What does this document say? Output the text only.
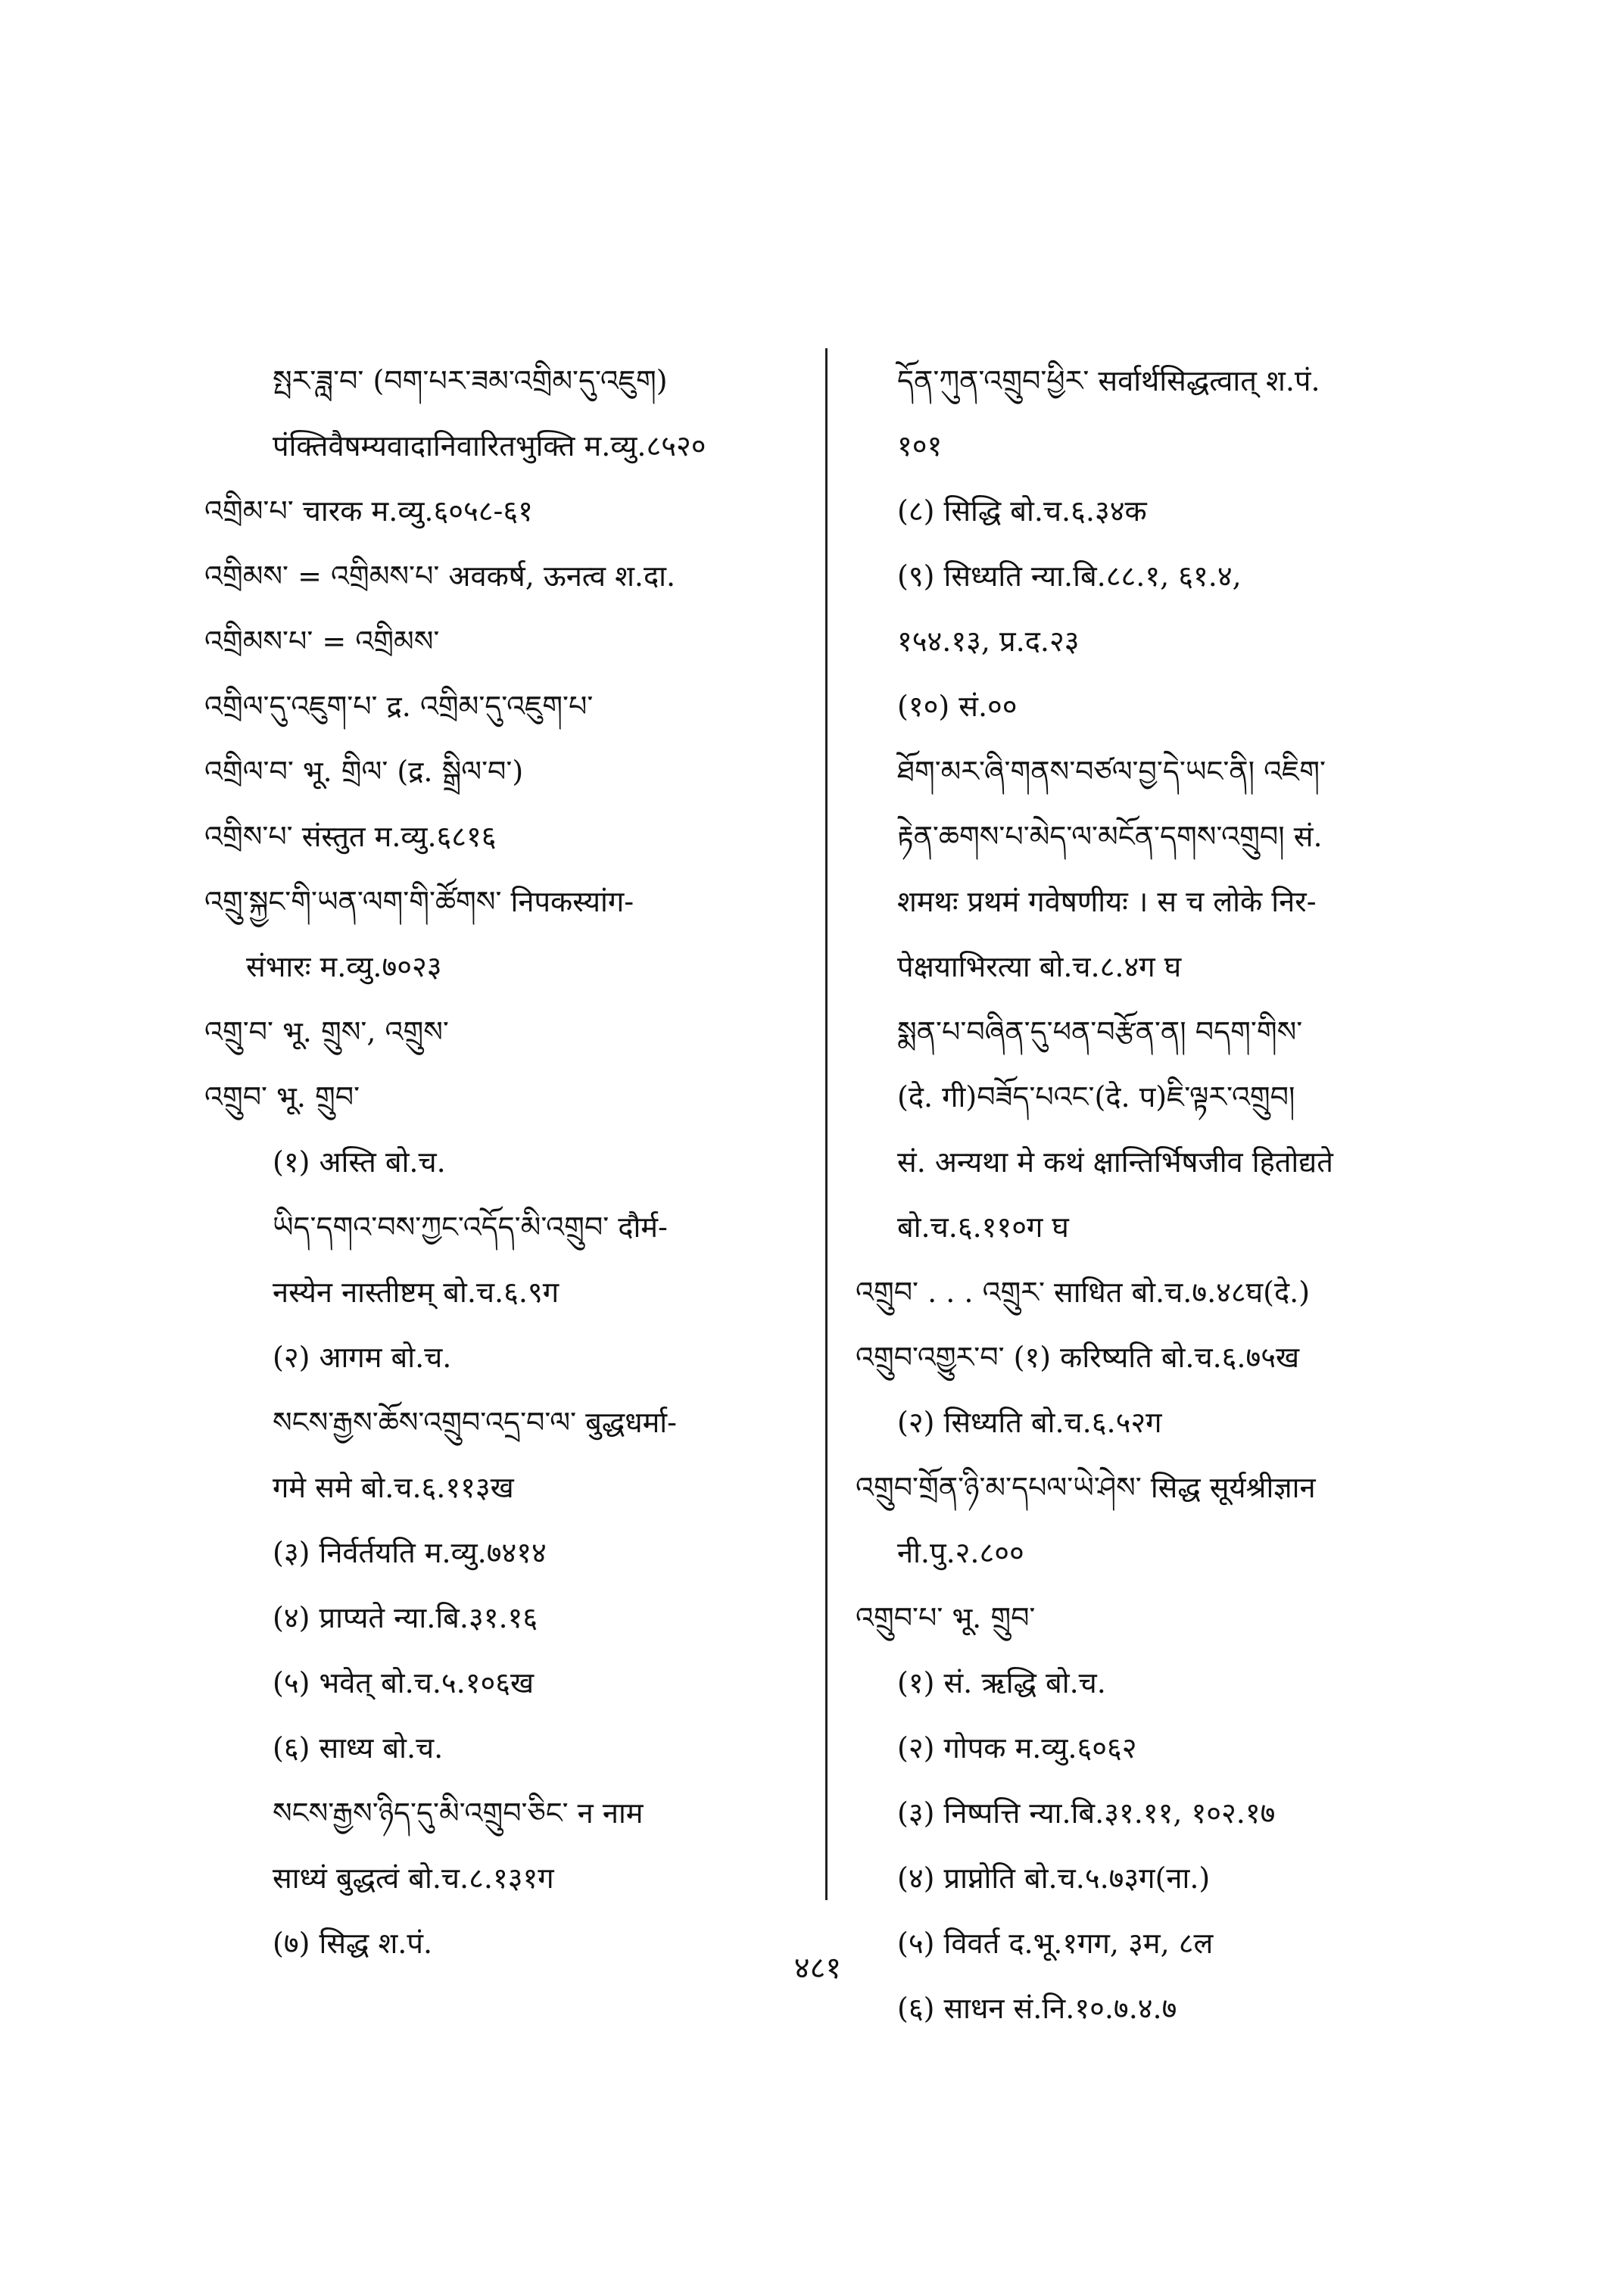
སྤར་ཟླ་བ་ (བག་པར་ཟམ་འགྲིམ་དུ་འཇུག)
पंक्तिवैषम्यवादानिवारितभुक्ति म.व्यु.८५२०
འགྲིམ་པ་ चारक म.व्यु.६०५८-६१
འགྲིམས་ = འགྲིམས་པ་ अवकर्ष, ऊनत्व श.दा.
འགྲིམས་པ་ = འགྲིམས་
འགྲིལ་དུ་འཇུག་པ་ द्र. འགྲིམ་དུ་འཇུག་པ་
འགྲིལ་བ་ भू. གྲིལ་ (द्र. སྒྲིལ་བ་)
འགྲིས་པ་ संस्तुत म.व्यु.६८१६
འགྲུ་སྐྱང་གི་ཡན་ལག་གི་ཚོགས་ निपकस्यांग-
संभारः म.व्यु.७०२३
འགྲུ་བ་ भू. གྲུས་, འགྲུས་
འགྲུབ་ भू. གྲུབ་
(१) अस्ति बो.च.
ཡིད་དགའ་བས་ཀྱང་འདོད་མི་འགྲུབ་ दौर्म-
नस्येन नास्तीष्टम् बो.च.६.९ग
(२) आगम बो.च.
སངས་རྒྱས་ཆོས་འགྲུབ་འདྲ་བ་ལ་ बुद्धधर्मा-
गमे समे बो.च.६.११३ख
(३) निर्वर्तयति म.व्यु.७४१४
(४) प्राप्यते न्या.बि.३१.१६
(५) भवेत् बो.च.५.१०६ख
(६) साध्य बो.च.
སངས་རྒྱས་ཉིད་དུ་མི་འགྲུབ་ཅིང་ न नाम
साध्यं बुद्धत्वं बो.च.८.१३१ग
(७) सिद्ध श.पं.
དོན་ཀུན་འགྲུབ་ཕྱིར་ सर्वार्थसिद्धत्वात् श.पं.
१०१
(८) सिद्धि बो.च.६.३४क
(९) सिध्यति न्या.बि.८८.१, ६१.४,
१५४.१३, प्र.द.२३
(१०) सं.००
ཐོག་མར་ཞི་གནས་བཙལ་བྱ་དེ་ཡང་ནི། འཇིག་
རྟེན་ཆགས་པ་མེད་ལ་མངོན་དགས་འགྲུབ། सं.
शमथः प्रथमं गवेषणीयः । स च लोके निर-
पेक्षयाभिरत्या बो.च.८.४ग घ
སྨན་པ་བཞིན་དུ་ཕན་བརྩོན་ན། བདག་གིས་
(दे. गी)བཟོད་པའང་(दे. प)ཇི་ལྟར་འགྲུབ།
सं. अन्यथा मे कथं क्षान्तिर्भिषजीव हितोद्यते
बो.च.६.११०ग घ
འགྲུབ་ . . . འགྲུར་ साधित बो.च.७.४८घ(दे.)
འགྲུབ་འགྱུར་བ་ (१) करिष्यति बो.च.६.७५ख
(२) सिध्यति बो.च.६.५२ग
འགྲུབ་གྲོན་ཉི་མ་དཔལ་ཡེ་ཤེས་ सिद्ध सूर्यश्रीज्ञान
नी.पु.२.८००
འགྲུབ་པ་ भू. གྲུབ་
(१) सं. ऋद्धि बो.च.
(२) गोपक म.व्यु.६०६२
(३) निष्पत्ति न्या.बि.३१.११, १०२.१७
(४) प्राप्नोति बो.च.५.७३ग(ना.)
(५) विवर्त द.भू.१गग, ३म, ८ल
(६) साधन सं.नि.१०.७.४.७
४८१
